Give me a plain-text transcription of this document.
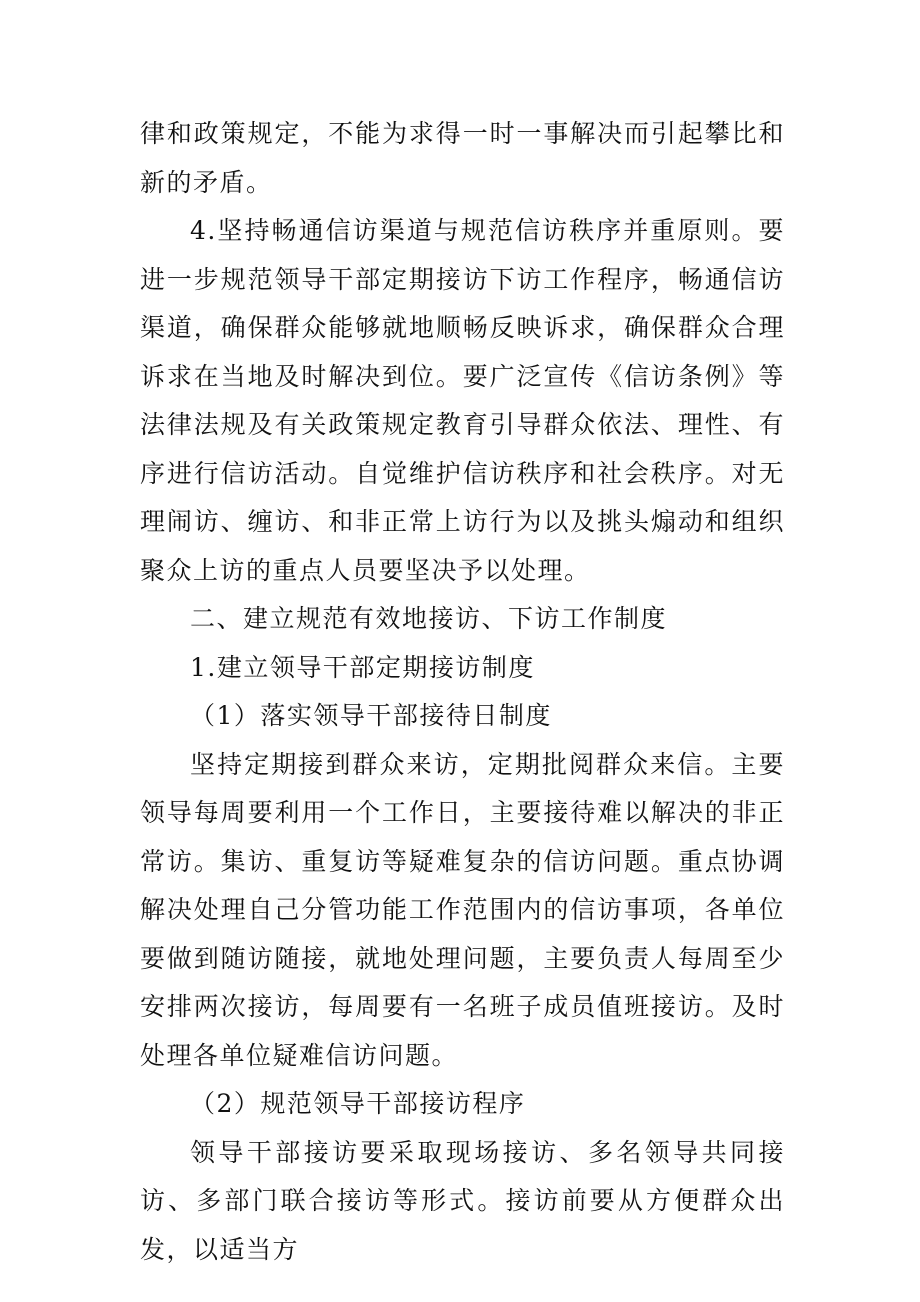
律和政策规定，不能为求得一时一事解决而引起攀比和新的矛盾。

4.坚持畅通信访渠道与规范信访秩序并重原则。要进一步规范领导干部定期接访下访工作程序，畅通信访渠道，确保群众能够就地顺畅反映诉求，确保群众合理诉求在当地及时解决到位。要广泛宣传《信访条例》等法律法规及有关政策规定教育引导群众依法、理性、有序进行信访活动。自觉维护信访秩序和社会秩序。对无理闹访、缠访、和非正常上访行为以及挑头煽动和组织聚众上访的重点人员要坚决予以处理。

二、建立规范有效地接访、下访工作制度

1.建立领导干部定期接访制度

（1）落实领导干部接待日制度

坚持定期接到群众来访，定期批阅群众来信。主要领导每周要利用一个工作日，主要接待难以解决的非正常访。集访、重复访等疑难复杂的信访问题。重点协调解决处理自己分管功能工作范围内的信访事项，各单位要做到随访随接，就地处理问题，主要负责人每周至少安排两次接访，每周要有一名班子成员值班接访。及时处理各单位疑难信访问题。

（2）规范领导干部接访程序

领导干部接访要采取现场接访、多名领导共同接访、多部门联合接访等形式。接访前要从方便群众出发，以适当方
